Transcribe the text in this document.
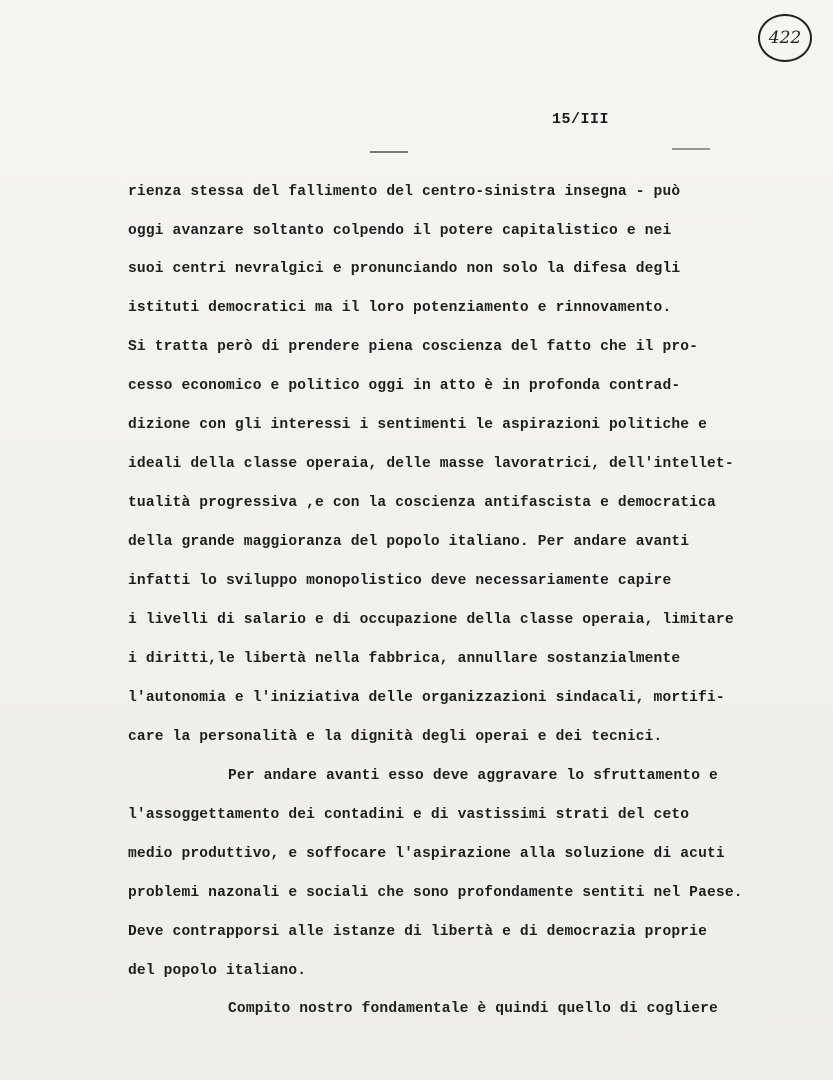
422
15/III
rienza stessa del fallimento del centro-sinistra insegna - può
oggi avanzare soltanto colpendo il potere capitalistico e nei
suoi centri nevralgici e pronunciando non solo la difesa degli
istituti democratici ma il loro potenziamento e rinnovamento.
Si tratta però di prendere piena coscienza del fatto che il pro-
cesso economico e politico oggi in atto è in profonda contrad-
dizione con gli interessi i sentimenti le aspirazioni politiche e
ideali della classe operaia, delle masse lavoratrici, dell'intellet-
tualità progressiva ,e con la coscienza antifascista e democratica
della grande maggioranza del popolo italiano. Per andare avanti
infatti lo sviluppo monopolistico deve necessariamente capire
i livelli di salario e di occupazione della classe operaia, limitare
i diritti,le libertà nella fabbrica, annullare sostanzialmente
l'autonomia e l'iniziativa delle organizzazioni sindacali, mortifi-
care la personalità e la dignità degli operai e dei tecnici.
Per andare avanti esso deve aggravare lo sfruttamento e
l'assoggettamento dei contadini e di vastissimi strati del ceto
medio produttivo, e soffocare l'aspirazione alla soluzione di acuti
problemi nazonali e sociali che sono profondamente sentiti nel Paese.
Deve contrapporsi alle istanze di libertà e di democrazia proprie
del popolo italiano.
Compito nostro fondamentale è quindi quello di cogliere
